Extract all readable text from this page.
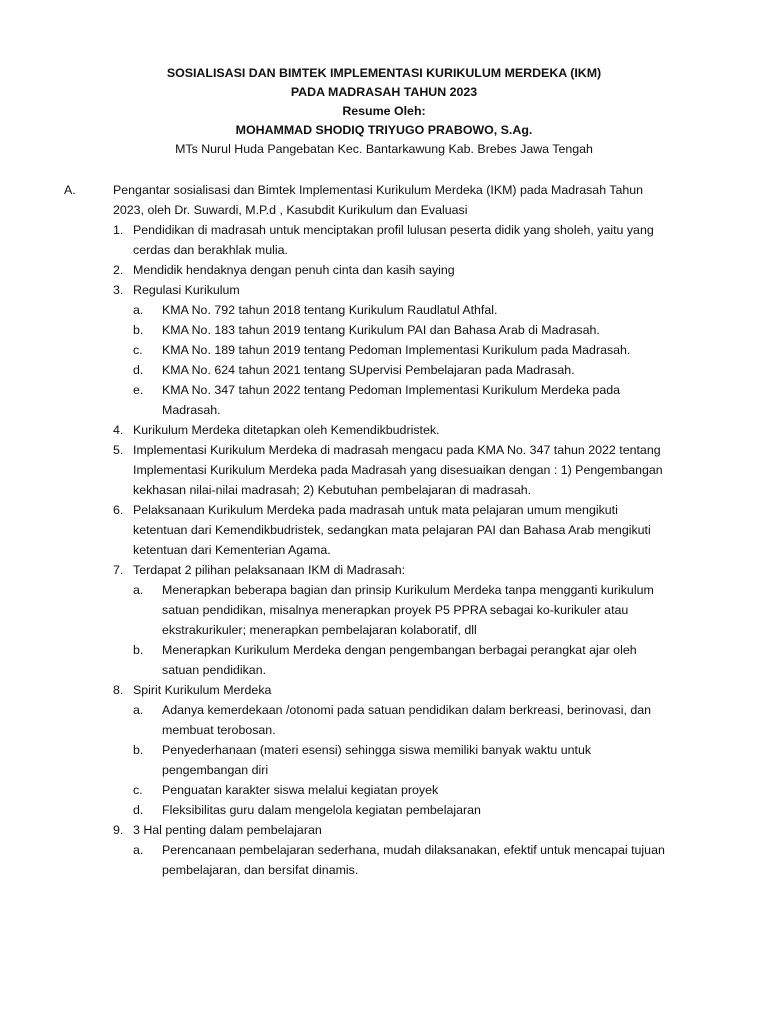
SOSIALISASI DAN BIMTEK IMPLEMENTASI KURIKULUM MERDEKA (IKM)
PADA MADRASAH TAHUN 2023
Resume Oleh:
MOHAMMAD SHODIQ TRIYUGO PRABOWO, S.Ag.
MTs Nurul Huda Pangebatan Kec. Bantarkawung Kab. Brebes Jawa Tengah
A.	Pengantar sosialisasi dan Bimtek Implementasi Kurikulum Merdeka (IKM) pada Madrasah Tahun
2023, oleh Dr. Suwardi, M.P.d , Kasubdit Kurikulum dan Evaluasi
1. Pendidikan di madrasah untuk menciptakan profil lulusan peserta didik yang sholeh, yaitu yang
cerdas dan berakhlak mulia.
2. Mendidik hendaknya dengan penuh cinta dan kasih saying
3. Regulasi Kurikulum
a. KMA No. 792 tahun 2018 tentang Kurikulum Raudlatul Athfal.
b. KMA No. 183 tahun 2019 tentang Kurikulum PAI dan Bahasa Arab di Madrasah.
c. KMA No. 189 tahun 2019 tentang Pedoman Implementasi Kurikulum pada Madrasah.
d. KMA No. 624 tahun 2021 tentang SUpervisi Pembelajaran pada Madrasah.
e. KMA No. 347 tahun 2022 tentang Pedoman Implementasi Kurikulum Merdeka pada
Madrasah.
4. Kurikulum Merdeka ditetapkan oleh Kemendikbudristek.
5. Implementasi Kurikulum Merdeka di madrasah mengacu pada KMA No. 347 tahun 2022 tentang
Implementasi Kurikulum Merdeka pada Madrasah yang disesuaikan dengan : 1) Pengembangan
kekhasan nilai-nilai madrasah; 2) Kebutuhan pembelajaran di madrasah.
6. Pelaksanaan Kurikulum Merdeka pada madrasah untuk mata pelajaran umum mengikuti
ketentuan dari Kemendikbudristek, sedangkan mata pelajaran PAI dan Bahasa Arab mengikuti
ketentuan dari Kementerian Agama.
7. Terdapat 2 pilihan pelaksanaan IKM di Madrasah:
a. Menerapkan beberapa bagian dan prinsip Kurikulum Merdeka tanpa mengganti kurikulum
satuan pendidikan, misalnya menerapkan proyek P5 PPRA sebagai ko-kurikuler atau
ekstrakurikuler; menerapkan pembelajaran kolaboratif, dll
b. Menerapkan Kurikulum Merdeka dengan pengembangan berbagai perangkat ajar oleh
satuan pendidikan.
8. Spirit Kurikulum Merdeka
a. Adanya kemerdekaan /otonomi pada satuan pendidikan dalam berkreasi, berinovasi, dan
membuat terobosan.
b. Penyederhanaan (materi esensi) sehingga siswa memiliki banyak waktu untuk
pengembangan diri
c. Penguatan karakter siswa melalui kegiatan proyek
d. Fleksibilitas guru dalam mengelola kegiatan pembelajaran
9. 3 Hal penting dalam pembelajaran
a. Perencanaan pembelajaran sederhana, mudah dilaksanakan, efektif untuk mencapai tujuan
pembelajaran, dan bersifat dinamis.
